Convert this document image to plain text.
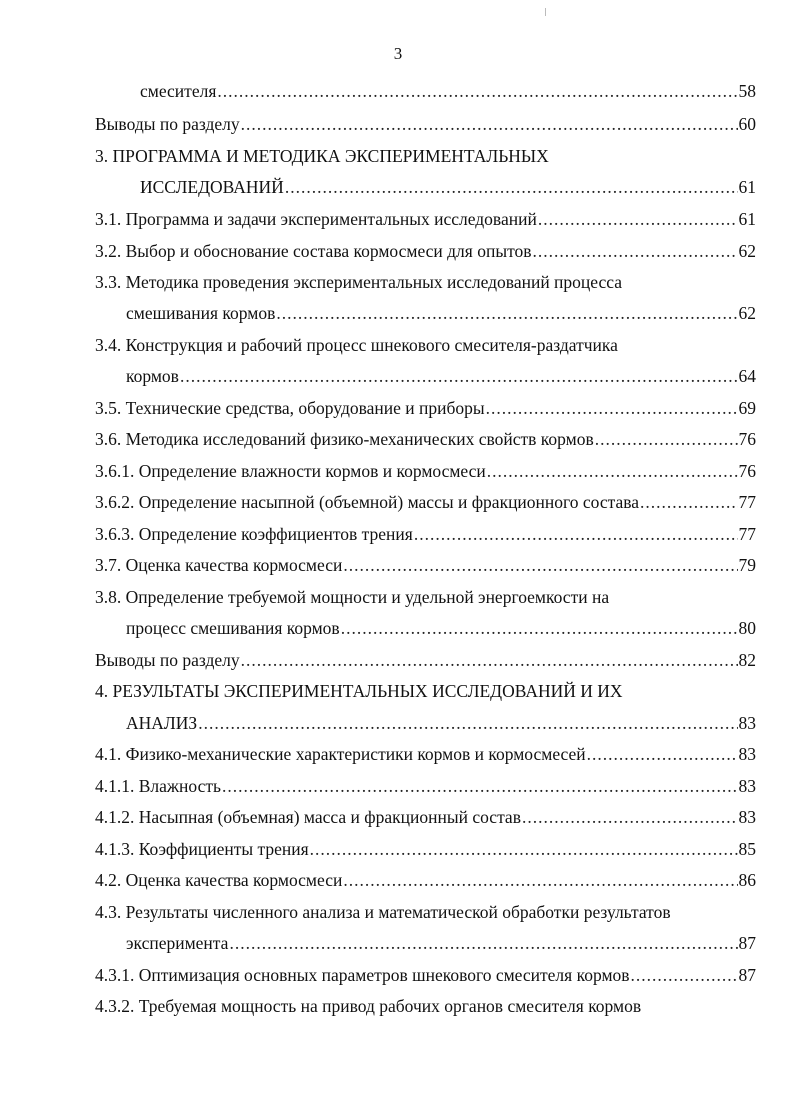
3
смесителя .....	58
Выводы по разделу .....	60
3. ПРОГРАММА И МЕТОДИКА ЭКСПЕРИМЕНТАЛЬНЫХ
ИССЛЕДОВАНИЙ .....	61
3.1. Программа и задачи экспериментальных исследований .....	61
3.2. Выбор и обоснование состава кормосмеси для опытов .....	62
3.3. Методика проведения экспериментальных исследований процесса
смешивания кормов .....	62
3.4. Конструкция и рабочий процесс шнекового смесителя-раздатчика
кормов .....	64
3.5. Технические средства, оборудование и приборы .....	69
3.6. Методика исследований физико-механических свойств кормов .....	76
3.6.1. Определение влажности кормов и кормосмеси .....	76
3.6.2. Определение насыпной (объемной) массы и фракционного состава .....	77
3.6.3. Определение коэффициентов трения .....	77
3.7. Оценка качества кормосмеси .....	79
3.8. Определение требуемой мощности и удельной энергоемкости на
процесс смешивания кормов .....	80
Выводы по разделу .....	82
4. РЕЗУЛЬТАТЫ ЭКСПЕРИМЕНТАЛЬНЫХ ИССЛЕДОВАНИЙ И ИХ
АНАЛИЗ .....	83
4.1. Физико-механические характеристики кормов и кормосмесей .....	83
4.1.1. Влажность .....	83
4.1.2. Насыпная (объемная) масса и фракционный состав .....	83
4.1.3. Коэффициенты трения .....	85
4.2. Оценка качества кормосмеси .....	86
4.3. Результаты численного анализа и математической обработки результатов
эксперимента .....	87
4.3.1. Оптимизация основных параметров шнекового смесителя кормов .....	87
4.3.2. Требуемая мощность на привод рабочих органов смесителя кормов
